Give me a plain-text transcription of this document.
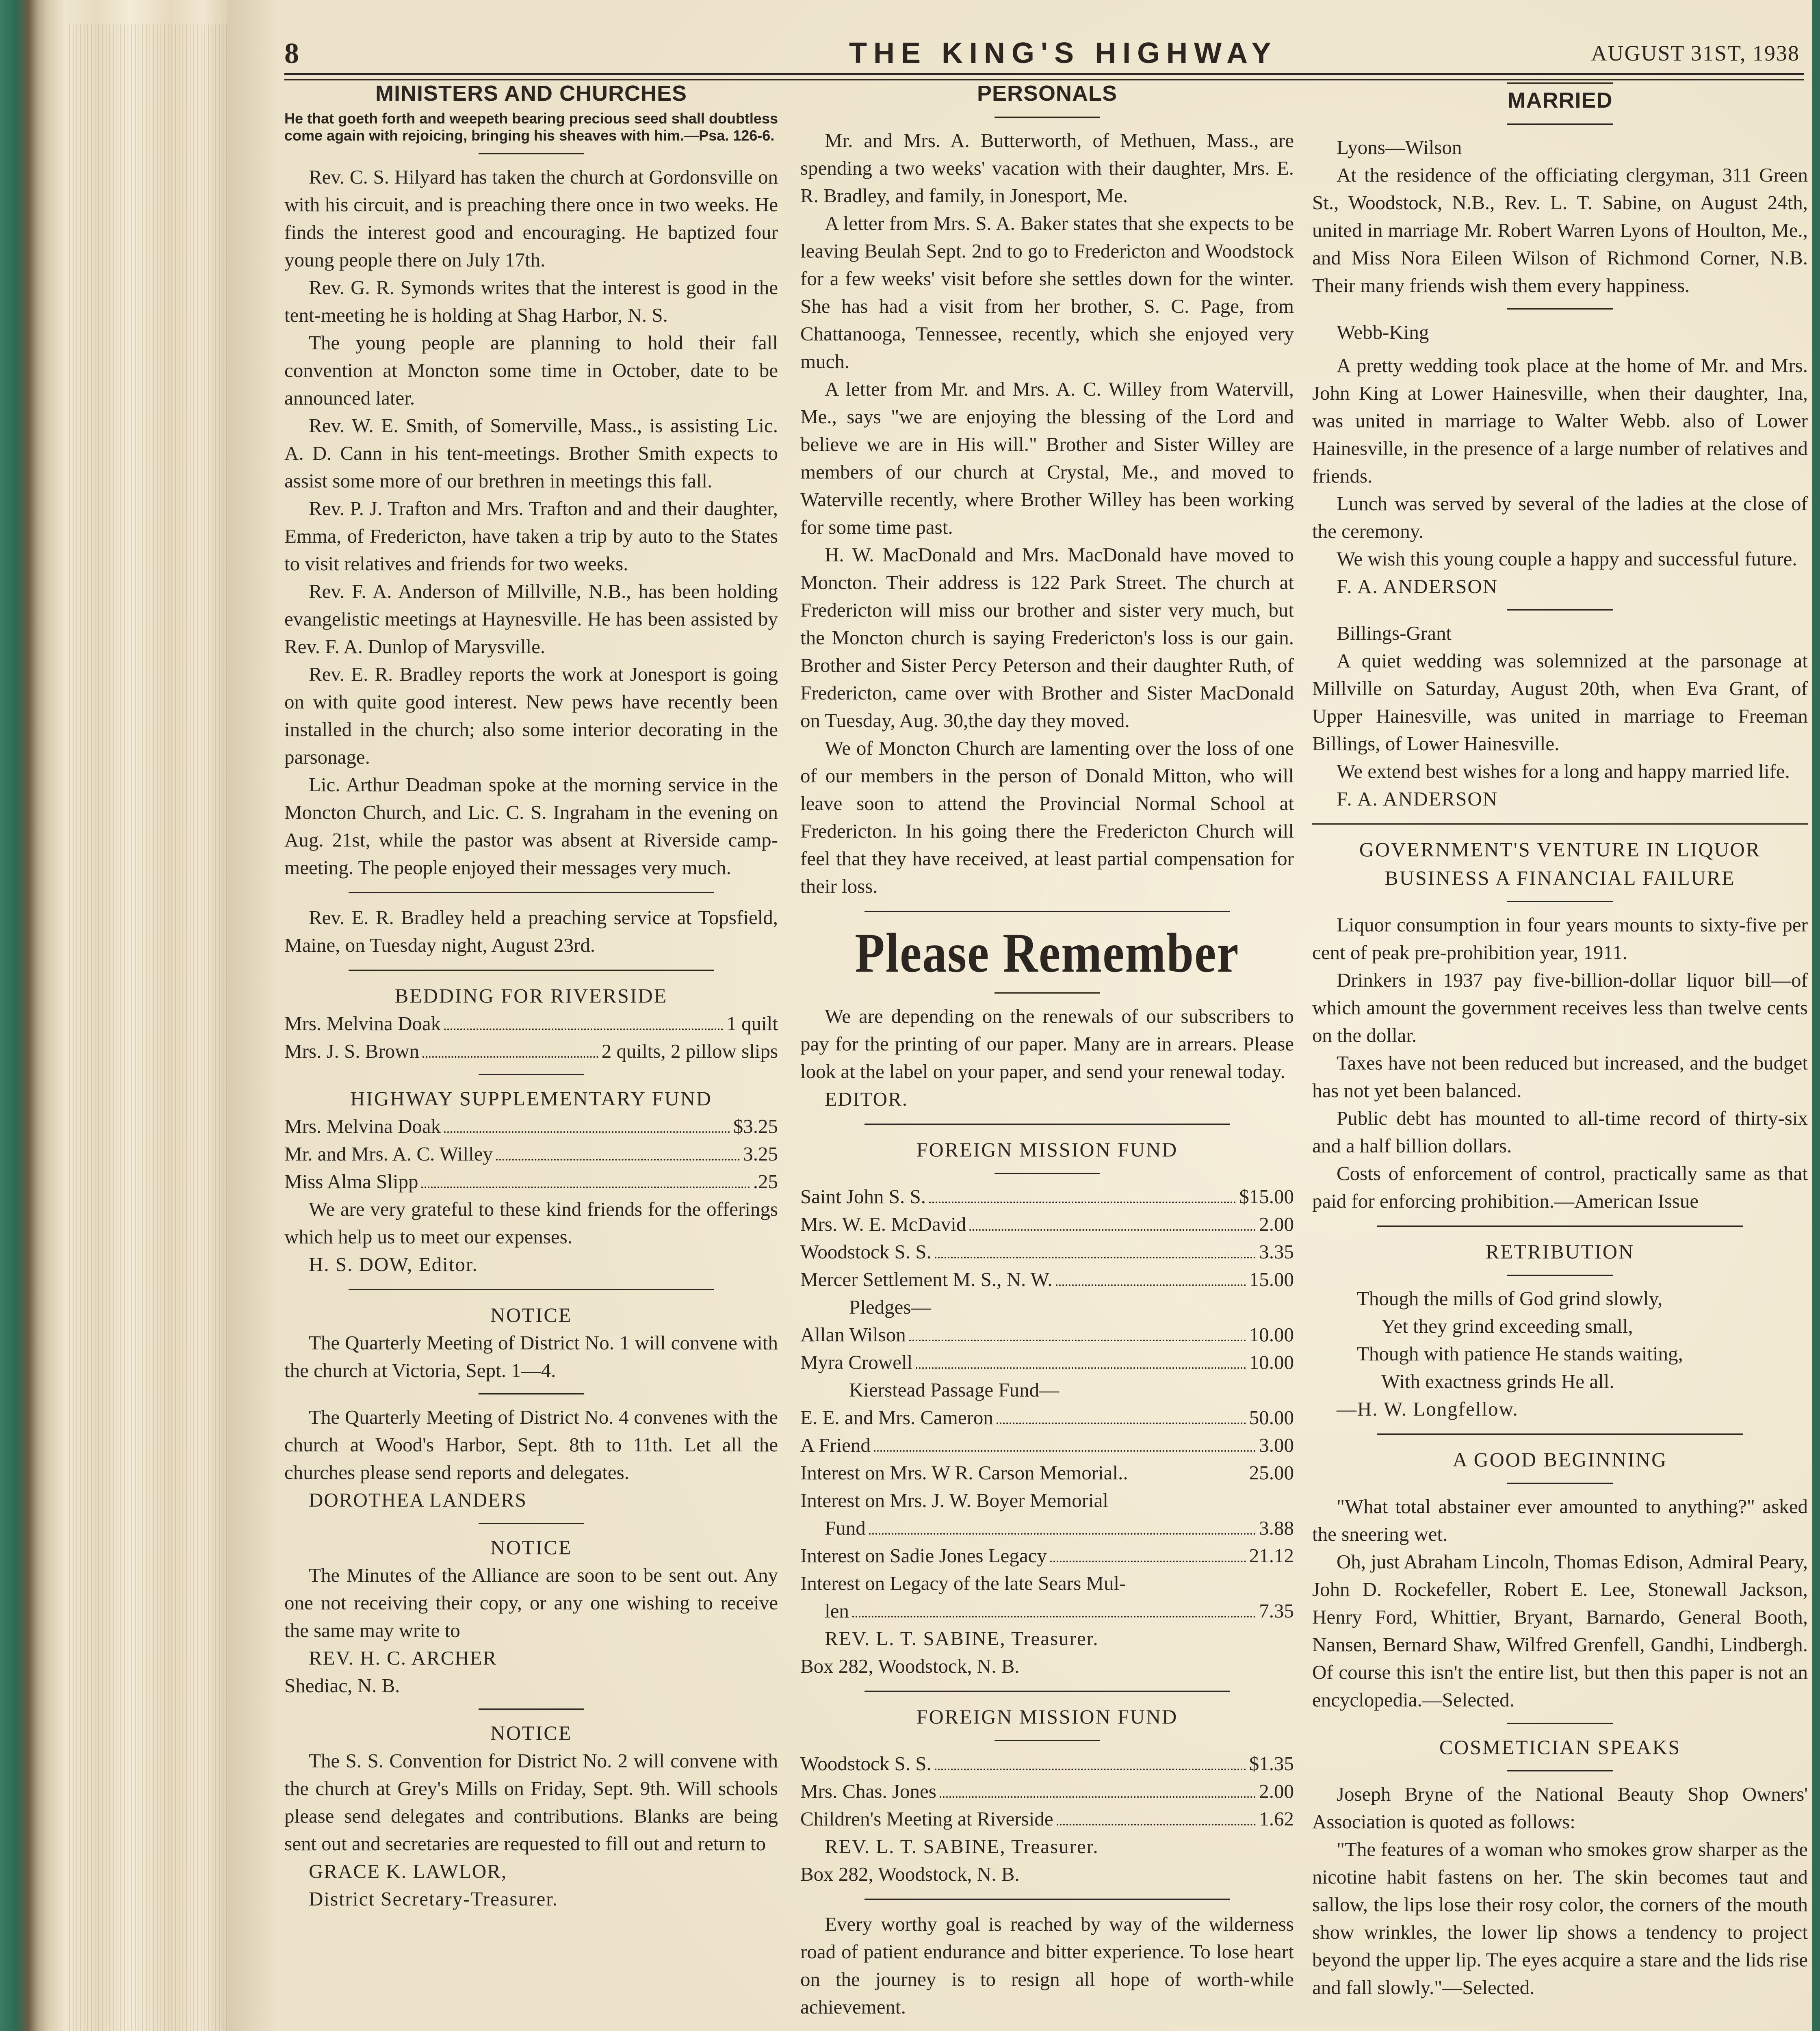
8	THE KING'S HIGHWAY	AUGUST 31ST, 1938
MINISTERS AND CHURCHES
He that goeth forth and weepeth bearing precious seed shall doubtless come again with rejoicing, bringing his sheaves with him.—Psa. 126-6.

Rev. C. S. Hilyard has taken the church at Gordonsville on with his circuit, and is preaching there once in two weeks. He finds the interest good and encouraging. He baptized four young people there on July 17th.

Rev. G. R. Symonds writes that the interest is good in the tent-meeting he is holding at Shag Harbor, N. S.

The young people are planning to hold their fall convention at Moncton some time in October, date to be announced later.

Rev. W. E. Smith, of Somerville, Mass., is assisting Lic. A. D. Cann in his tent-meetings. Brother Smith expects to assist some more of our brethren in meetings this fall.

Rev. P. J. Trafton and Mrs. Trafton and and their daughter, Emma, of Fredericton, have taken a trip by auto to the States to visit relatives and friends for two weeks.

Rev. F. A. Anderson of Millville, N.B., has been holding evangelistic meetings at Haynesville. He has been assisted by Rev. F. A. Dunlop of Marysville.

Rev. E. R. Bradley reports the work at Jonesport is going on with quite good interest. New pews have recently been installed in the church; also some interior decorating in the parsonage.

Lic. Arthur Deadman spoke at the morning service in the Moncton Church, and Lic. C. S. Ingraham in the evening on Aug. 21st, while the pastor was absent at Riverside camp-meeting. The people enjoyed their messages very much.

Rev. E. R. Bradley held a preaching service at Topsfield, Maine, on Tuesday night, August 23rd.

BEDDING FOR RIVERSIDE
Mrs. Melvina Doak	1 quilt
Mrs. J. S. Brown	2 quilts, 2 pillow slips
HIGHWAY SUPPLEMENTARY FUND
Mrs. Melvina Doak	$3.25
Mr. and Mrs. A. C. Willey	3.25
Miss Alma Slipp	.25

We are very grateful to these kind friends for the offerings which help us to meet our expenses.

H. S. DOW, Editor.

NOTICE

The Quarterly Meeting of District No. 1 will convene with the church at Victoria, Sept. 1—4.

The Quarterly Meeting of District No. 4 convenes with the church at Wood's Harbor, Sept. 8th to 11th. Let all the churches please send reports and delegates.

DOROTHEA LANDERS

NOTICE

The Minutes of the Alliance are soon to be sent out. Any one not receiving their copy, or any one wishing to receive the same may write to

REV. H. C. ARCHER

Shediac, N. B.

NOTICE

The S. S. Convention for District No. 2 will convene with the church at Grey's Mills on Friday, Sept. 9th. Will schools please send delegates and contributions. Blanks are being sent out and secretaries are requested to fill out and return to

GRACE K. LAWLOR,

District Secretary-Treasurer.

PERSONALS

Mr. and Mrs. A. Butterworth, of Methuen, Mass., are spending a two weeks' vacation with their daughter, Mrs. E. R. Bradley, and family, in Jonesport, Me.

A letter from Mrs. S. A. Baker states that she expects to be leaving Beulah Sept. 2nd to go to Fredericton and Woodstock for a few weeks' visit before she settles down for the winter. She has had a visit from her brother, S. C. Page, from Chattanooga, Tennessee, recently, which she enjoyed very much.

A letter from Mr. and Mrs. A. C. Willey from Watervill, Me., says "we are enjoying the blessing of the Lord and believe we are in His will." Brother and Sister Willey are members of our church at Crystal, Me., and moved to Waterville recently, where Brother Willey has been working for some time past.

H. W. MacDonald and Mrs. MacDonald have moved to Moncton. Their address is 122 Park Street. The church at Fredericton will miss our brother and sister very much, but the Moncton church is saying Fredericton's loss is our gain. Brother and Sister Percy Peterson and their daughter Ruth, of Fredericton, came over with Brother and Sister MacDonald on Tuesday, Aug. 30,the day they moved.

We of Moncton Church are lamenting over the loss of one of our members in the person of Donald Mitton, who will leave soon to attend the Provincial Normal School at Fredericton. In his going there the Fredericton Church will feel that they have received, at least partial compensation for their loss.

Please Remember

We are depending on the renewals of our subscribers to pay for the printing of our paper. Many are in arrears. Please look at the label on your paper, and send your renewal today.

EDITOR.

FOREIGN MISSION FUND
Saint John S. S.	$15.00
Mrs. W. E. McDavid	2.00
Woodstock S. S.	3.35
Mercer Settlement M. S., N. W.	15.00

Pledges—

Allan Wilson	10.00
Myra Crowell	10.00

Kierstead Passage Fund—

E. E. and Mrs. Cameron	50.00
A Friend	3.00
Interest on Mrs. W R. Carson Memorial..	25.00

Interest on Mrs. J. W. Boyer Memorial

Fund	3.88
Interest on Sadie Jones Legacy	21.12

Interest on Legacy of the late Sears Mul-

len	7.35

REV. L. T. SABINE, Treasurer.

Box 282, Woodstock, N. B.

FOREIGN MISSION FUND
Woodstock S. S.	$1.35
Mrs. Chas. Jones	2.00
Children's Meeting at Riverside	1.62

REV. L. T. SABINE, Treasurer.

Box 282, Woodstock, N. B.

Every worthy goal is reached by way of the wilderness road of patient endurance and bitter experience. To lose heart on the journey is to resign all hope of worth-while achievement.

MARRIED

Lyons—Wilson

At the residence of the officiating clergyman, 311 Green St., Woodstock, N.B., Rev. L. T. Sabine, on August 24th, united in marriage Mr. Robert Warren Lyons of Houlton, Me., and Miss Nora Eileen Wilson of Richmond Corner, N.B. Their many friends wish them every happiness.

Webb-King

A pretty wedding took place at the home of Mr. and Mrs. John King at Lower Hainesville, when their daughter, Ina, was united in marriage to Walter Webb. also of Lower Hainesville, in the presence of a large number of relatives and friends.

Lunch was served by several of the ladies at the close of the ceremony.

We wish this young couple a happy and successful future.

F. A. ANDERSON

Billings-Grant

A quiet wedding was solemnized at the parsonage at Millville on Saturday, August 20th, when Eva Grant, of Upper Hainesville, was united in marriage to Freeman Billings, of Lower Hainesville.

We extend best wishes for a long and happy married life.

F. A. ANDERSON

GOVERNMENT'S VENTURE IN LIQUOR BUSINESS A FINANCIAL FAILURE

Liquor consumption in four years mounts to sixty-five per cent of peak pre-prohibition year, 1911.

Drinkers in 1937 pay five-billion-dollar liquor bill—of which amount the government receives less than twelve cents on the dollar.

Taxes have not been reduced but increased, and the budget has not yet been balanced.

Public debt has mounted to all-time record of thirty-six and a half billion dollars.

Costs of enforcement of control, practically same as that paid for enforcing prohibition.—American Issue

RETRIBUTION
Though the mills of God grind slowly,
Yet they grind exceeding small,
Though with patience He stands waiting,
With exactness grinds He all.

—H. W. Longfellow.

A GOOD BEGINNING

"What total abstainer ever amounted to anything?" asked the sneering wet.

Oh, just Abraham Lincoln, Thomas Edison, Admiral Peary, John D. Rockefeller, Robert E. Lee, Stonewall Jackson, Henry Ford, Whittier, Bryant, Barnardo, General Booth, Nansen, Bernard Shaw, Wilfred Grenfell, Gandhi, Lindbergh. Of course this isn't the entire list, but then this paper is not an encyclopedia.—Selected.

COSMETICIAN SPEAKS

Joseph Bryne of the National Beauty Shop Owners' Association is quoted as follows:

"The features of a woman who smokes grow sharper as the nicotine habit fastens on her. The skin becomes taut and sallow, the lips lose their rosy color, the corners of the mouth show wrinkles, the lower lip shows a tendency to project beyond the upper lip. The eyes acquire a stare and the lids rise and fall slowly."—Selected.
